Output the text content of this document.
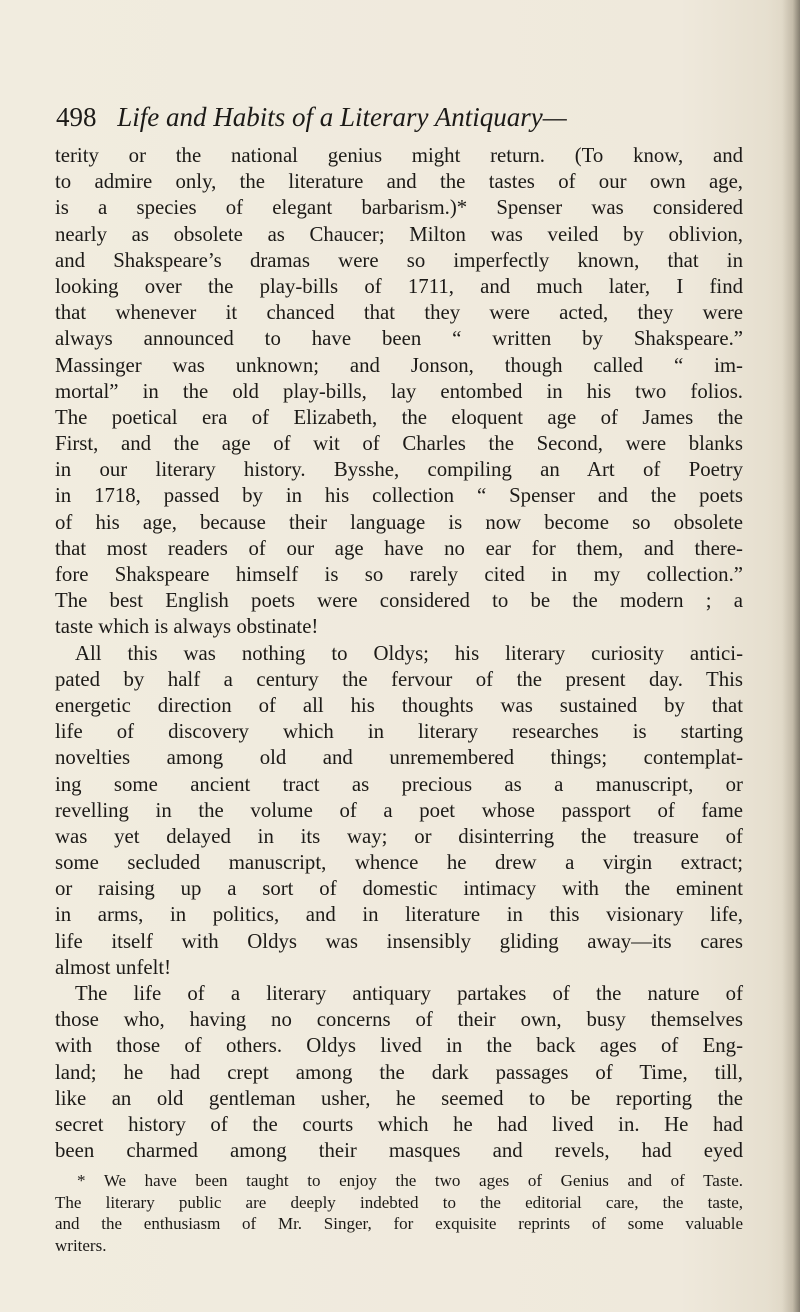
498 Life and Habits of a Literary Antiquary—
terity or the national genius might return. (To know, and
to admire only, the literature and the tastes of our own age,
is a species of elegant barbarism.)* Spenser was considered
nearly as obsolete as Chaucer; Milton was veiled by oblivion,
and Shakspeare’s dramas were so imperfectly known, that in
looking over the play-bills of 1711, and much later, I find
that whenever it chanced that they were acted, they were
always announced to have been “ written by Shakspeare.”
Massinger was unknown; and Jonson, though called “ im-
mortal” in the old play-bills, lay entombed in his two folios.
The poetical era of Elizabeth, the eloquent age of James the
First, and the age of wit of Charles the Second, were blanks
in our literary history. Bysshe, compiling an Art of Poetry
in 1718, passed by in his collection “ Spenser and the poets
of his age, because their language is now become so obsolete
that most readers of our age have no ear for them, and there-
fore Shakspeare himself is so rarely cited in my collection.”
The best English poets were considered to be the modern ; a
taste which is always obstinate!
All this was nothing to Oldys; his literary curiosity antici-
pated by half a century the fervour of the present day. This
energetic direction of all his thoughts was sustained by that
life of discovery which in literary researches is starting
novelties among old and unremembered things; contemplat-
ing some ancient tract as precious as a manuscript, or
revelling in the volume of a poet whose passport of fame
was yet delayed in its way; or disinterring the treasure of
some secluded manuscript, whence he drew a virgin extract;
or raising up a sort of domestic intimacy with the eminent
in arms, in politics, and in literature in this visionary life,
life itself with Oldys was insensibly gliding away—its cares
almost unfelt!
The life of a literary antiquary partakes of the nature of
those who, having no concerns of their own, busy themselves
with those of others. Oldys lived in the back ages of Eng-
land; he had crept among the dark passages of Time, till,
like an old gentleman usher, he seemed to be reporting the
secret history of the courts which he had lived in. He had
been charmed among their masques and revels, had eyed
* We have been taught to enjoy the two ages of Genius and of Taste.
The literary public are deeply indebted to the editorial care, the taste,
and the enthusiasm of Mr. Singer, for exquisite reprints of some valuable
writers.
